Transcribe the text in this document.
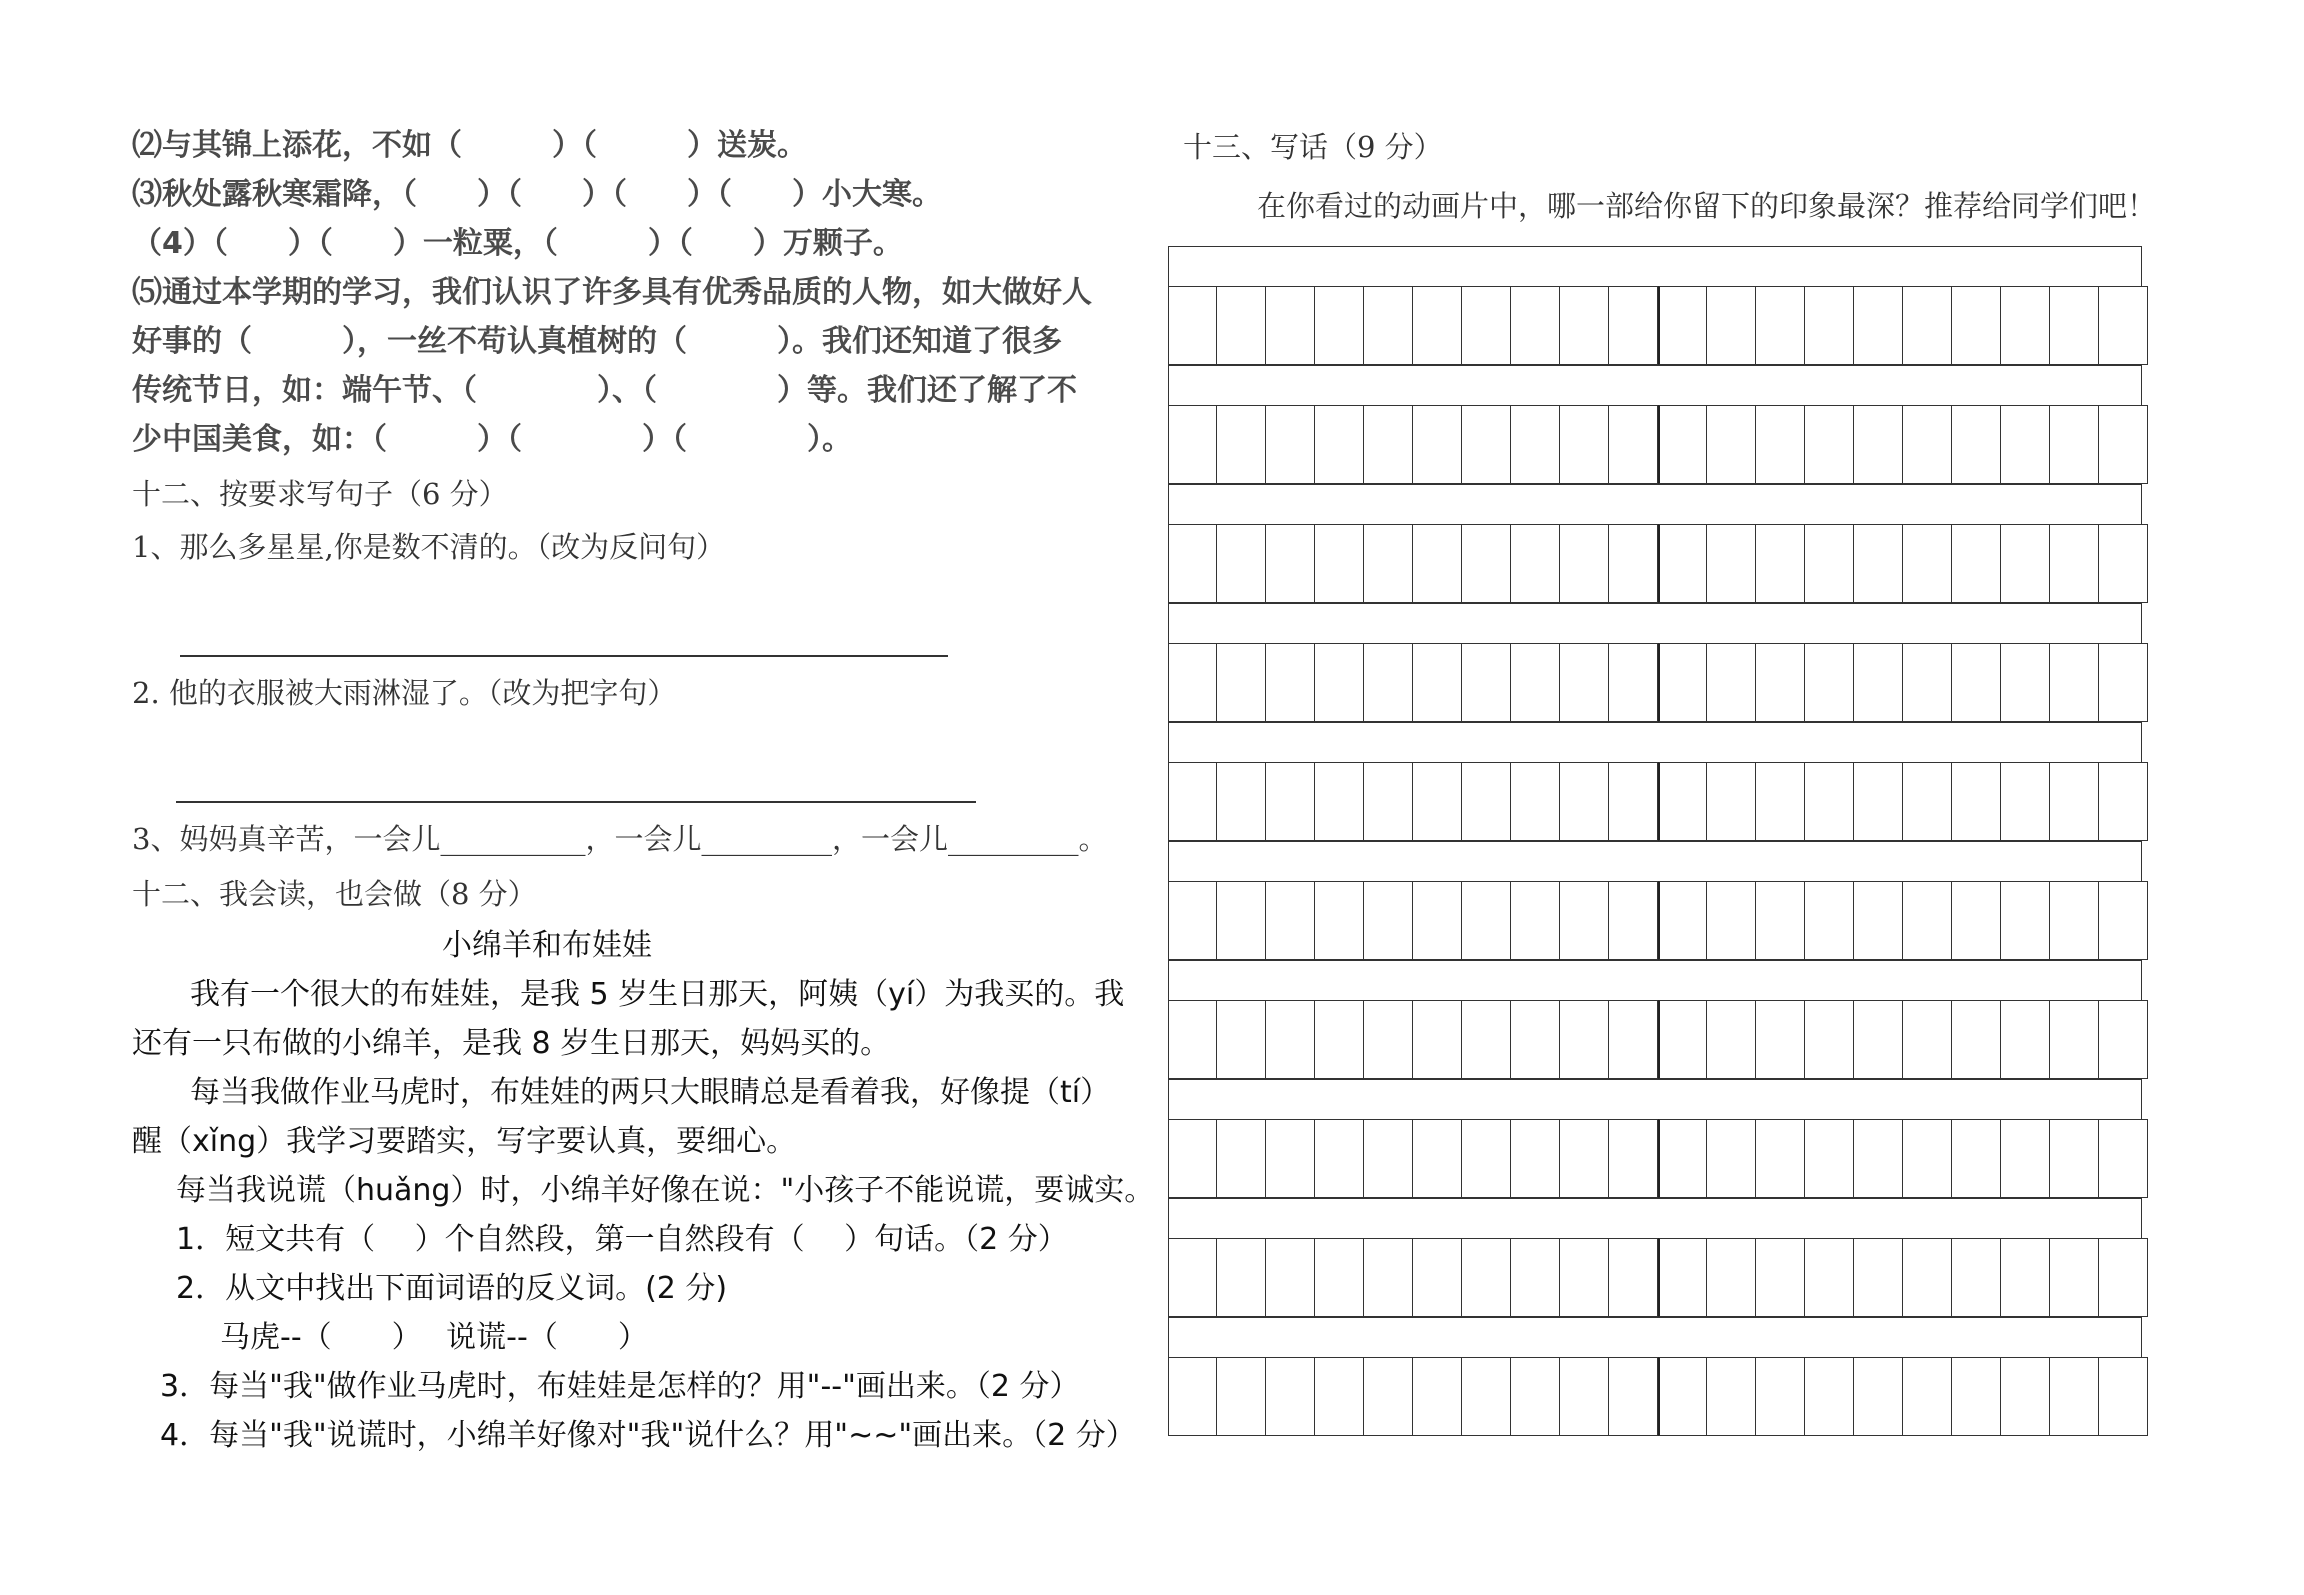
⑵与其锦上添花，不如（　　　）（　　　）送炭。
⑶秋处露秋寒霜降，（　　）（　　）（　　）（　　）小大寒。
（4）（　　）（　　）一粒粟，（　　　）（　　）万颗子。
⑸通过本学期的学习，我们认识了许多具有优秀品质的人物，如大做好人
好事的（　　　），一丝不苟认真植树的（　　　）。我们还知道了很多
传统节日，如：端午节、（　　　　）、（　　　　）等。我们还了解了不
少中国美食，如：（　　　）（　　　　）（　　　　）。
十二、按要求写句子（6 分）
1、那么多星星,你是数不清的。（改为反问句）
2. 他的衣服被大雨淋湿了。（改为把字句）
3、妈妈真辛苦，一会儿__________，一会儿_________，一会儿_________。
十二、我会读，也会做（8 分）
小绵羊和布娃娃
我有一个很大的布娃娃，是我 5 岁生日那天，阿姨（yí）为我买的。我
还有一只布做的小绵羊，是我 8 岁生日那天，妈妈买的。
每当我做作业马虎时，布娃娃的两只大眼睛总是看着我，好像提（tí）
醒（xǐng）我学习要踏实，写字要认真，要细心。
每当我说谎（huǎng）时，小绵羊好像在说："小孩子不能说谎，要诚实。
1．短文共有（　 ）个自然段，第一自然段有（　 ）句话。（2 分）
2．从文中找出下面词语的反义词。(2 分)
马虎--（　　）　 说谎--（　　）
3．每当"我"做作业马虎时，布娃娃是怎样的？用"--"画出来。（2 分）
4．每当"我"说谎时，小绵羊好像对"我"说什么？用"~~"画出来。（2 分）
十三、写话（9 分）
在你看过的动画片中，哪一部给你留下的印象最深？推荐给同学们吧！
